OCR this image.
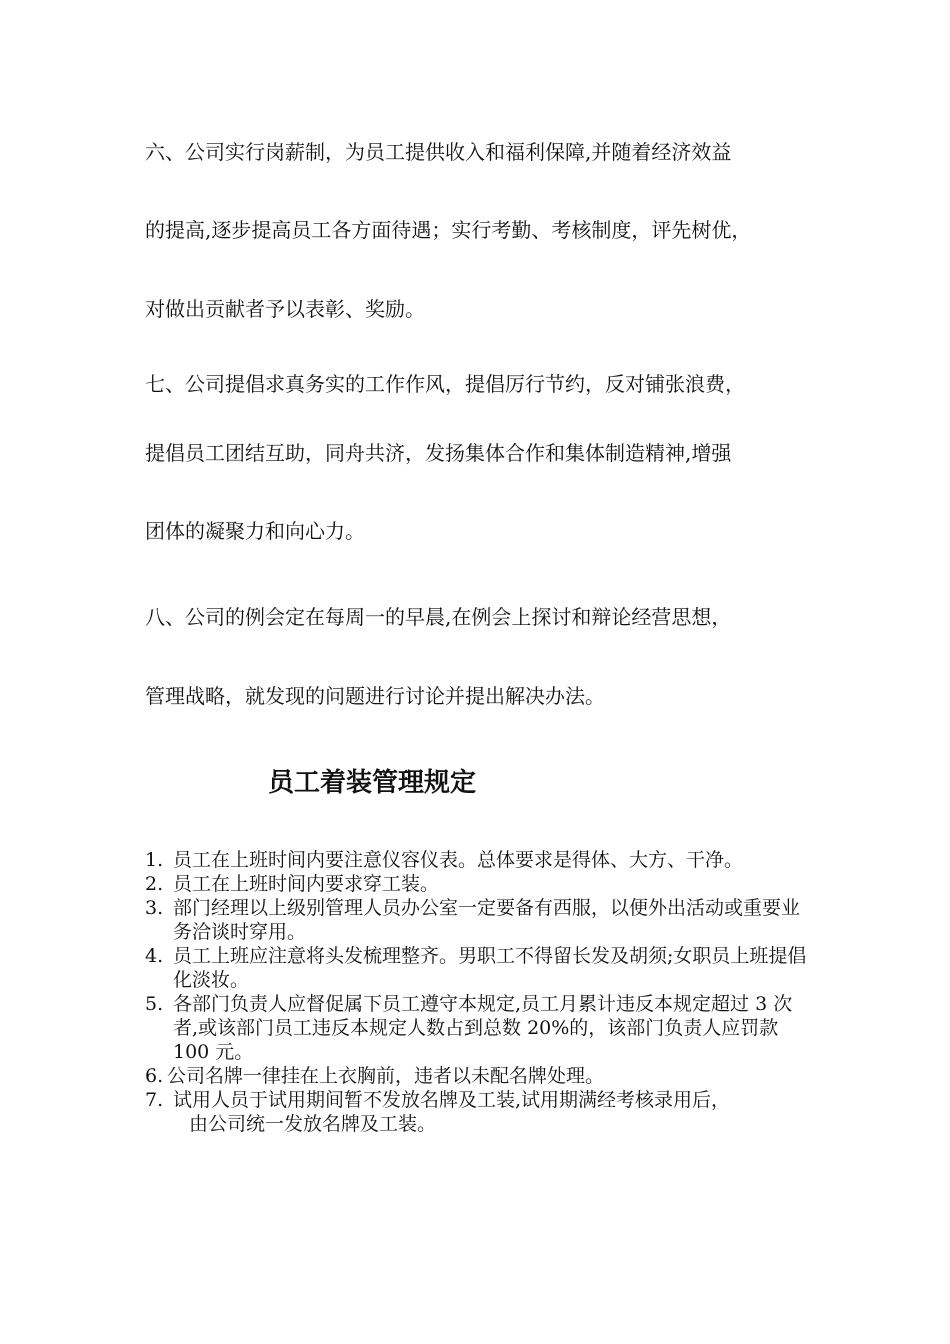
六、公司实行岗薪制，为员工提供收入和福利保障,并随着经济效益
的提高,逐步提高员工各方面待遇；实行考勤、考核制度，评先树优，
对做出贡献者予以表彰、奖励。
七、公司提倡求真务实的工作作风，提倡厉行节约，反对铺张浪费，
提倡员工团结互助，同舟共济，发扬集体合作和集体制造精神,增强
团体的凝聚力和向心力。
八、公司的例会定在每周一的早晨,在例会上探讨和辩论经营思想，
管理战略，就发现的问题进行讨论并提出解决办法。
员工着装管理规定
1. 员工在上班时间内要注意仪容仪表。总体要求是得体、大方、干净。
2. 员工在上班时间内要求穿工装。
3. 部门经理以上级别管理人员办公室一定要备有西服，以便外出活动或重要业务洽谈时穿用。
4. 员工上班应注意将头发梳理整齐。男职工不得留长发及胡须;女职员上班提倡化淡妆。
5. 各部门负责人应督促属下员工遵守本规定,员工月累计违反本规定超过 3 次者,或该部门员工违反本规定人数占到总数 20%的，该部门负责人应罚款 100 元。
6. 公司名牌一律挂在上衣胸前，违者以未配名牌处理。
7. 试用人员于试用期间暂不发放名牌及工装,试用期满经考核录用后，
由公司统一发放名牌及工装。
